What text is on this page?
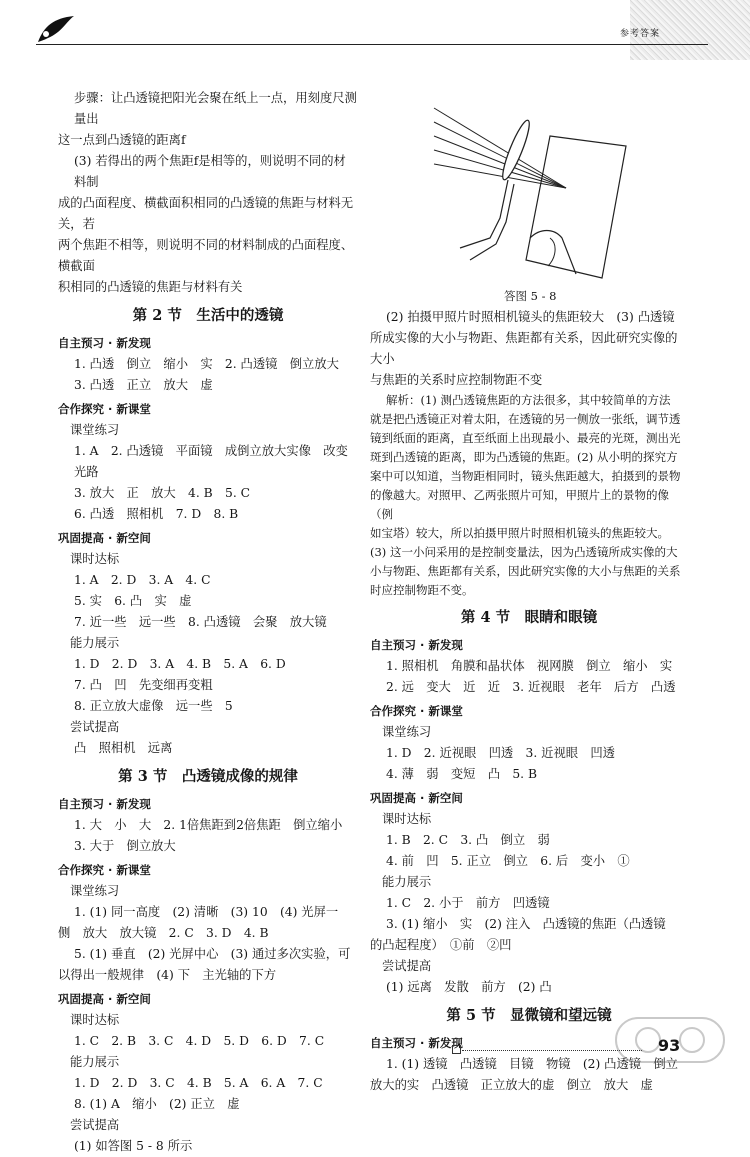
参考答案

步骤：让凸透镜把阳光会聚在纸上一点，用刻度尺测量出

这一点到凸透镜的距离f

(3) 若得出的两个焦距f是相等的，则说明不同的材料制

成的凸面程度、横截面积相同的凸透镜的焦距与材料无关，若

两个焦距不相等，则说明不同的材料制成的凸面程度、横截面

积相同的凸透镜的焦距与材料有关

第 2 节　生活中的透镜

自主预习 · 新发现

1. 凸透　倒立　缩小　实　2. 凸透镜　倒立放大

3. 凸透　正立　放大　虚

合作探究 · 新课堂

课堂练习

1. A　2. 凸透镜　平面镜　成倒立放大实像　改变光路

3. 放大　正　放大　4. B　5. C

6. 凸透　照相机　7. D　8. B

巩固提高 · 新空间

课时达标

1. A　2. D　3. A　4. C

5. 实　6. 凸　实　虚

7. 近一些　远一些　8. 凸透镜　会聚　放大镜

能力展示

1. D　2. D　3. A　4. B　5. A　6. D

7. 凸　凹　先变细再变粗

8. 正立放大虚像　远一些　5

尝试提高

凸　照相机　远离

第 3 节　凸透镜成像的规律

自主预习 · 新发现

1. 大　小　大　2. 1倍焦距到2倍焦距　倒立缩小

3. 大于　倒立放大

合作探究 · 新课堂

课堂练习

1. (1) 同一高度　(2) 清晰　(3) 10　(4) 光屏一

侧　放大　放大镜　2. C　3. D　4. B

5. (1) 垂直　(2) 光屏中心　(3) 通过多次实验，可

以得出一般规律　(4) 下　主光轴的下方

巩固提高 · 新空间

课时达标

1. C　2. B　3. C　4. D　5. D　6. D　7. C

能力展示

1. D　2. D　3. C　4. B　5. A　6. A　7. C

8. (1) A　缩小　(2) 正立　虚

尝试提高

(1) 如答图 5 - 8 所示

答图 5 - 8

(2) 拍摄甲照片时照相机镜头的焦距较大　(3) 凸透镜

所成实像的大小与物距、焦距都有关系，因此研究实像的大小

与焦距的关系时应控制物距不变

解析：(1) 测凸透镜焦距的方法很多，其中较简单的方法

就是把凸透镜正对着太阳，在透镜的另一侧放一张纸，调节透

镜到纸面的距离，直至纸面上出现最小、最亮的光斑，测出光

斑到凸透镜的距离，即为凸透镜的焦距。(2) 从小明的探究方

案中可以知道，当物距相同时，镜头焦距越大，拍摄到的景物

的像越大。对照甲、乙两张照片可知，甲照片上的景物的像（例

如宝塔）较大，所以拍摄甲照片时照相机镜头的焦距较大。

(3) 这一小问采用的是控制变量法，因为凸透镜所成实像的大

小与物距、焦距都有关系，因此研究实像的大小与焦距的关系

时应控制物距不变。

第 4 节　眼睛和眼镜

自主预习 · 新发现

1. 照相机　角膜和晶状体　视网膜　倒立　缩小　实

2. 远　变大　近　近　3. 近视眼　老年　后方　凸透

合作探究 · 新课堂

课堂练习

1. D　2. 近视眼　凹透　3. 近视眼　凹透

4. 薄　弱　变短　凸　5. B

巩固提高 · 新空间

课时达标

1. B　2. C　3. 凸　倒立　弱

4. 前　凹　5. 正立　倒立　6. 后　变小　①

能力展示

1. C　2. 小于　前方　凹透镜

3. (1) 缩小　实　(2) 注入　凸透镜的焦距（凸透镜

的凸起程度）　①前　②凹

尝试提高

(1) 远离　发散　前方　(2) 凸

第 5 节　显微镜和望远镜

自主预习 · 新发现

1. (1) 透镜　凸透镜　目镜　物镜　(2) 凸透镜　倒立

放大的实　凸透镜　正立放大的虚　倒立　放大　虚

93
